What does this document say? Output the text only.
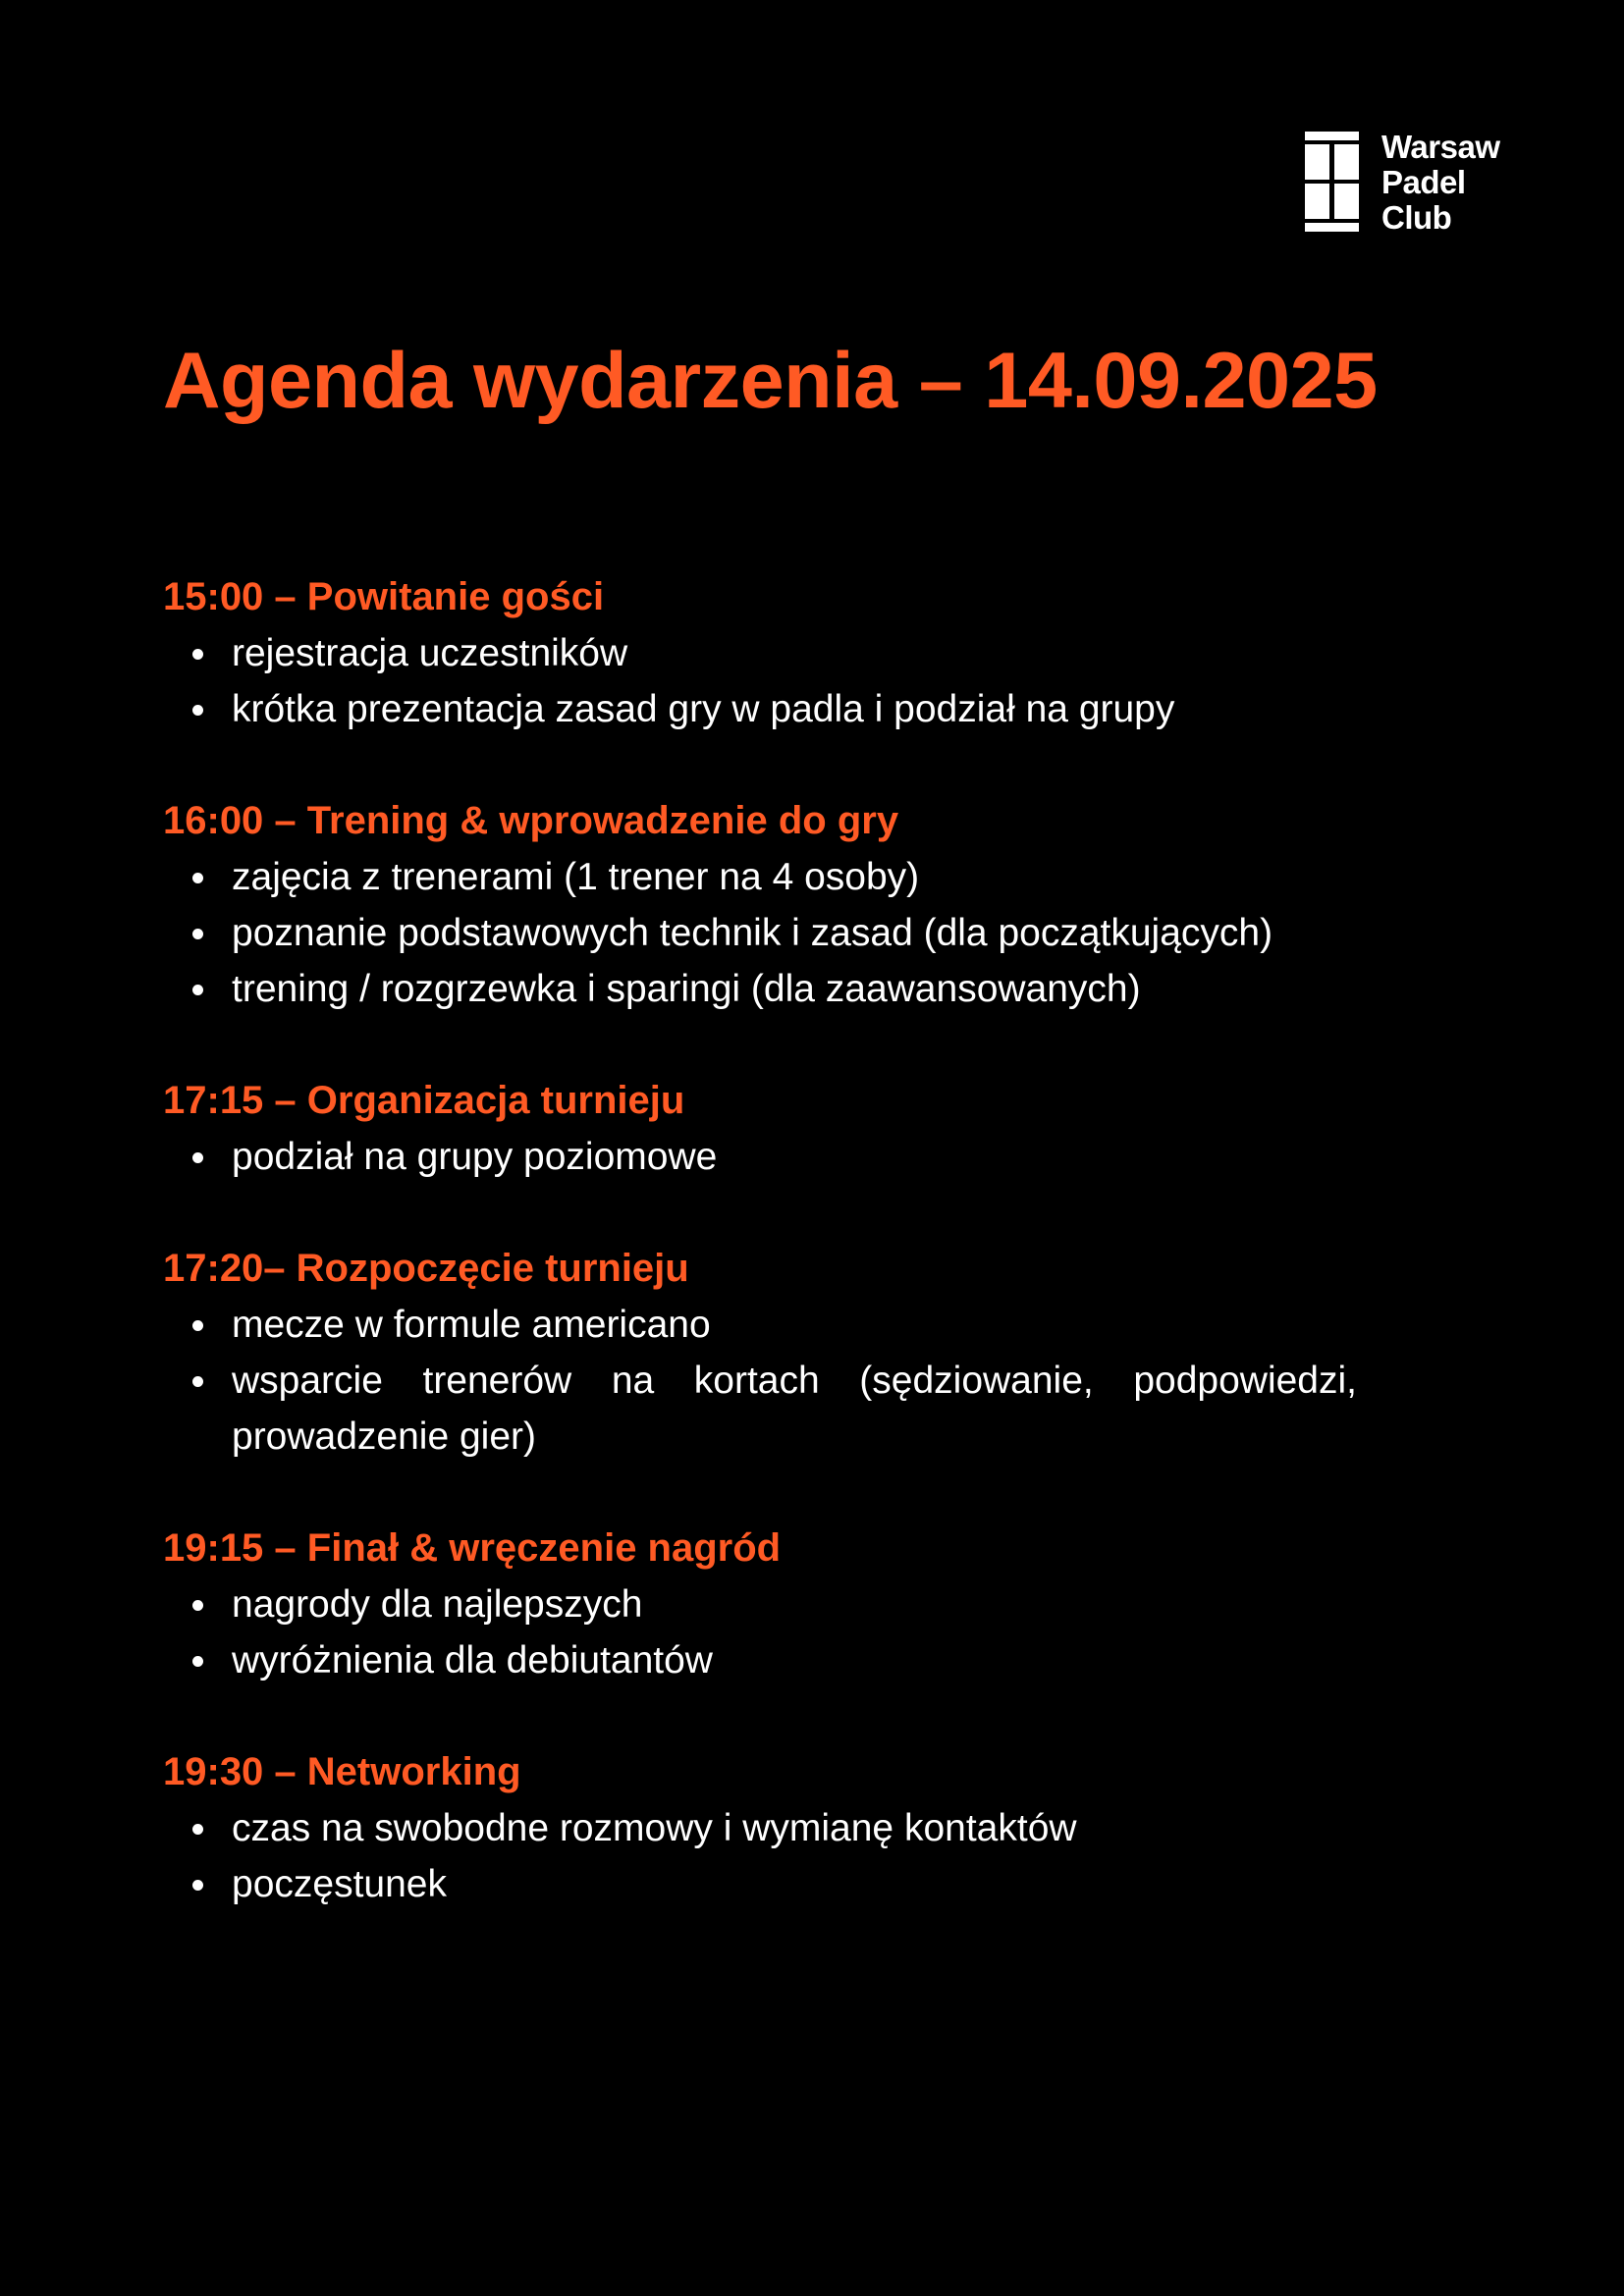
Warsaw
Padel
Club
Agenda wydarzenia – 14.09.2025
15:00 – Powitanie gości
rejestracja uczestników
krótka prezentacja zasad gry w padla i podział na grupy
16:00 – Trening & wprowadzenie do gry
zajęcia z trenerami (1 trener na 4 osoby)
poznanie podstawowych technik i zasad (dla początkujących)
trening / rozgrzewka i sparingi (dla zaawansowanych)
17:15 – Organizacja turnieju
podział na grupy poziomowe
17:20– Rozpoczęcie turnieju
mecze w formule americano
wsparcie trenerów na kortach (sędziowanie, podpowiedzi, prowadzenie gier)
19:15 – Finał & wręczenie nagród
nagrody dla najlepszych
wyróżnienia dla debiutantów
19:30 – Networking
czas na swobodne rozmowy i wymianę kontaktów
poczęstunek
